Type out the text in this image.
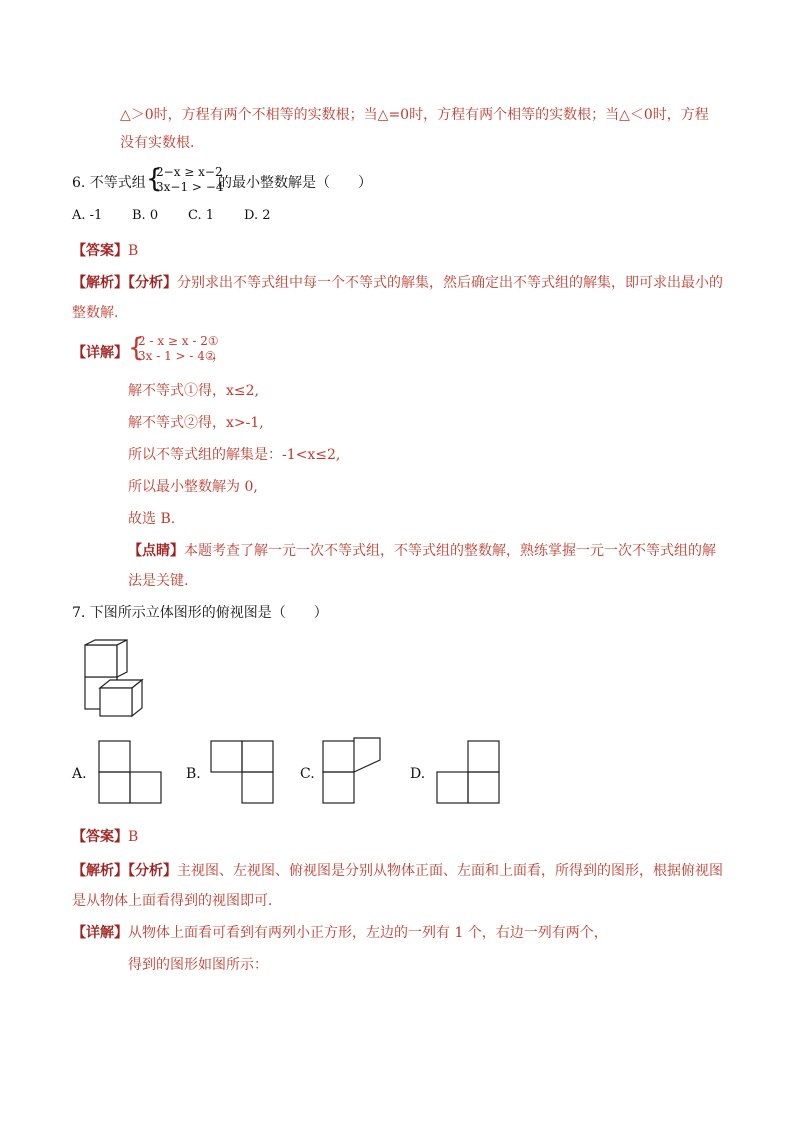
△＞0时，方程有两个不相等的实数根；当△=0时，方程有两个相等的实数根；当△＜0时，方程
没有实数根．
6. 不等式组 {
2−x ≥ x−2
3x−1 > −4
的最小整数解是（　　）
A. -1 B. 0 C. 1 D. 2
【答案】B
【解析】【分析】分别求出不等式组中每一个不等式的解集，然后确定出不等式组的解集，即可求出最小的
整数解.
【详解】 {
2 - x ≥ x - 2①
3x - 1 > - 4②
，
解不等式①得，x≤2,
解不等式②得，x>-1,
所以不等式组的解集是：-1<x≤2,
所以最小整数解为 0,
故选 B.
【点睛】本题考查了解一元一次不等式组，不等式组的整数解，熟练掌握一元一次不等式组的解
法是关键.
7. 下图所示立体图形的俯视图是（　　）
A.	B.	C.	D.
【答案】B
【解析】【分析】主视图、左视图、俯视图是分别从物体正面、左面和上面看，所得到的图形，根据俯视图
是从物体上面看得到的视图即可．
【详解】从物体上面看可看到有两列小正方形，左边的一列有 1 个，右边一列有两个，
得到的图形如图所示：
